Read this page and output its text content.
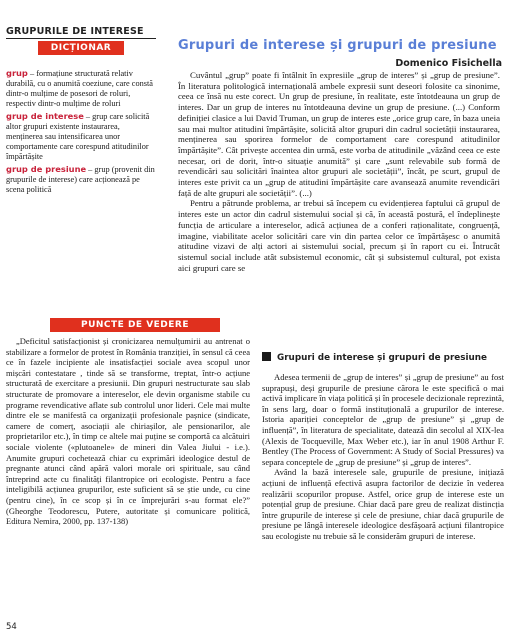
GRUPURILE DE INTERESE
DICȚIONAR

grup – formațiune structurată relativ durabilă, cu o anumită coeziune, care constă dintr-o mulțime de posesori de roluri, respectiv dintr-o mulțime de roluri

grup de interese – grup care solicită altor grupuri existente instaurarea, menținerea sau intensificarea unor comportamente care corespund atitudinilor împărtășite

grup de presiune – grup (provenit din grupurile de interese) care acționează pe scena politică

Grupuri de interese și grupuri de presiune
Domenico Fisichella

Cuvântul „grup” poate fi întâlnit în expresiile „grup de interes” și „grup de presiune”. În literatura politologică internațională ambele expresii sunt deseori folosite ca sinonime, ceea ce însă nu este corect. Un grup de presiune, în realitate, este întotdeauna un grup de interes. Dar un grup de interes nu întotdeauna devine un grup de presiune. (...) Conform definiției clasice a lui David Truman, un grup de interes este „orice grup care, în baza uneia sau mai multor atitudini împărtășite, solicită altor grupuri din cadrul societății instaurarea, menținerea sau sporirea formelor de comportament care corespund atitudinilor împărtășite”. Cât privește accentea din urmă, este vorba de atitudinile „văzând ceea ce este necesar, ori de dorit, într-o situație anumită” și care „sunt relevabile sub formă de revendicări sau solicitări înaintea altor grupuri ale societății”, încât, pe scurt, grupul de interes este privit ca un „grup de atitudini împărtășite care avansează anumite revendicări față de alte grupuri ale societății”. (...)

Pentru a pătrunde problema, ar trebui să începem cu evidențierea faptului că grupul de interes este un actor din cadrul sistemului social și că, în această postură, el îndeplinește funcția de articulare a intereselor, adică acțiunea de a conferi raționalitate, congruență, imagine, viabilitate acelor solicitări care vin din partea celor ce împărtășesc o anumită atitudine vizavi de alți actori ai sistemului social, precum și în raport cu ei. Întrucât sistemul social include atât subsistemul economic, cât și subsistemul cultural, pot exista aici grupuri care se

PUNCTE DE VEDERE

„Deficitul satisfacționist și cronicizarea nemulțumirii au antrenat o stabilizare a formelor de protest în România tranziției, în sensul că ceea ce în fazele incipiente ale insatisfacției sociale avea scopul unor mișcări contestatare , tinde să se transforme, treptat, într-o acțiune structurată de exercitare a presiunii. Din grupuri nestructurate sau slab structurate de promovare a intereselor, ele devin organisme stabile cu programe revendicative aflate sub controlul unor lideri. Cele mai multe dintre ele se manifestă ca organizații profesionale pașnice (sindicate, camere de comerț, asociații ale chiriașilor, ale pensionarilor, ale proprietarilor etc.), în timp ce altele mai puține se comportă ca alcătuiri sociale violente («plutoanele» de mineri din Valea Jiului - i.e.). Anumite grupuri cochetează chiar cu exprimări ideologice destul de pregnante atunci când apără valori morale ori spirituale, sau când întreprind acte cu finalități filantropice ori ecologiste. Pentru a face inteligibilă acțiunea grupurilor, este suficient să se știe unde, cu cine (pentru cine), în ce scop și în ce împrejurări s-au format ele?” (Gheorghe Teodorescu, Putere, autoritate și comunicare politică, Editura Nemira, 2000, pp. 137-138)

Grupuri de interese și grupuri de presiune

Adesea termenii de „grup de interes” și „grup de presiune” au fost suprapuși, deși grupurile de presiune cărora le este specifică o mai activă implicare în viața politică și în procesele decizionale reprezintă, în sens larg, doar o formă instituțională a grupurilor de interese. Istoria apariției conceptelor de „grup de presiune” și „grup de influență”, în literatura de specialitate, datează din secolul al XIX-lea (Alexis de Tocqueville, Max Weber etc.), iar în anul 1908 Arthur F. Bentley (The Process of Government: A Study of Social Pressures) va separa conceptele de „grup de presiune” și „grup de interes”.

Având la bază interesele sale, grupurile de presiune, inițiază acțiuni de influență efectivă asupra factorilor de decizie în vederea realizării scopurilor propuse. Astfel, orice grup de interese este un potențial grup de presiune. Chiar dacă pare greu de realizat distincția între grupurile de interese și cele de presiune, chiar dacă grupurile de presiune pe lângă interesele ideologice desfășoară acțiuni filantropice sau ecologiste nu trebuie să le considerăm grupuri de interese.

54
